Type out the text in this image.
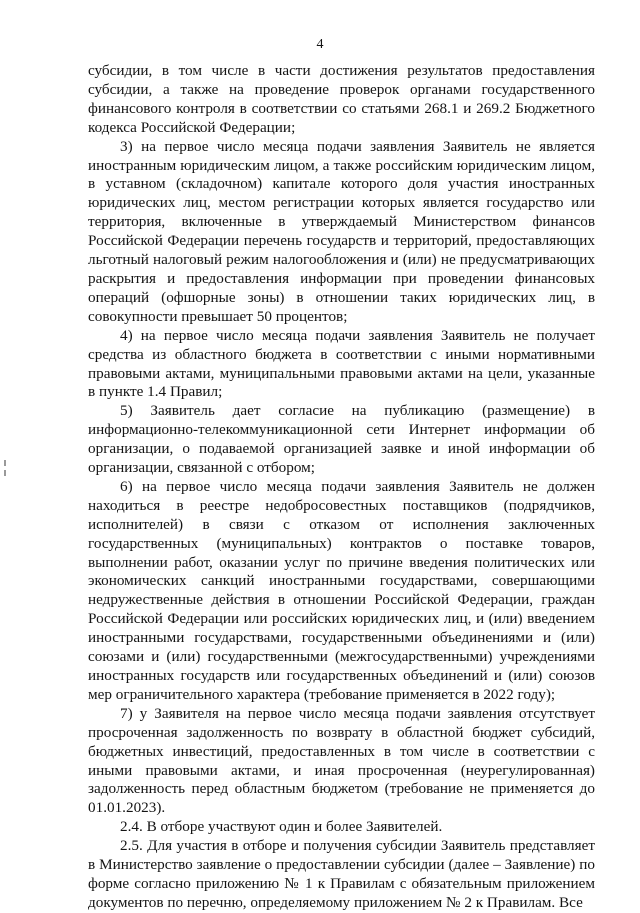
4

субсидии, в том числе в части достижения результатов предоставления субсидии, а также на проведение проверок органами государственного финансового контроля в соответствии со статьями 268.1 и 269.2 Бюджетного кодекса Российской Федерации;

3) на первое число месяца подачи заявления Заявитель не является иностранным юридическим лицом, а также российским юридическим лицом, в уставном (складочном) капитале которого доля участия иностранных юридических лиц, местом регистрации которых является государство или территория, включенные в утверждаемый Министерством финансов Российской Федерации перечень государств и территорий, предоставляющих льготный налоговый режим налогообложения и (или) не предусматривающих раскрытия и предоставления информации при проведении финансовых операций (офшорные зоны) в отношении таких юридических лиц, в совокупности превышает 50 процентов;

4) на первое число месяца подачи заявления Заявитель не получает средства из областного бюджета в соответствии с иными нормативными правовыми актами, муниципальными правовыми актами на цели, указанные в пункте 1.4 Правил;

5) Заявитель дает согласие на публикацию (размещение) в информационно-телекоммуникационной сети Интернет информации об организации, о подаваемой организацией заявке и иной информации об организации, связанной с отбором;

6) на первое число месяца подачи заявления Заявитель не должен находиться в реестре недобросовестных поставщиков (подрядчиков, исполнителей) в связи с отказом от исполнения заключенных государственных (муниципальных) контрактов о поставке товаров, выполнении работ, оказании услуг по причине введения политических или экономических санкций иностранными государствами, совершающими недружественные действия в отношении Российской Федерации, граждан Российской Федерации или российских юридических лиц, и (или) введением иностранными государствами, государственными объединениями и (или) союзами и (или) государственными (межгосударственными) учреждениями иностранных государств или государственных объединений и (или) союзов мер ограничительного характера (требование применяется в 2022 году);

7) у Заявителя на первое число месяца подачи заявления отсутствует просроченная задолженность по возврату в областной бюджет субсидий, бюджетных инвестиций, предоставленных в том числе в соответствии с иными правовыми актами, и иная просроченная (неурегулированная) задолженность перед областным бюджетом (требование не применяется до 01.01.2023).

2.4. В отборе участвуют один и более Заявителей.

2.5. Для участия в отборе и получения субсидии Заявитель представляет в Министерство заявление о предоставлении субсидии (далее – Заявление) по форме согласно приложению № 1 к Правилам с обязательным приложением документов по перечню, определяемому приложением № 2 к Правилам. Все
